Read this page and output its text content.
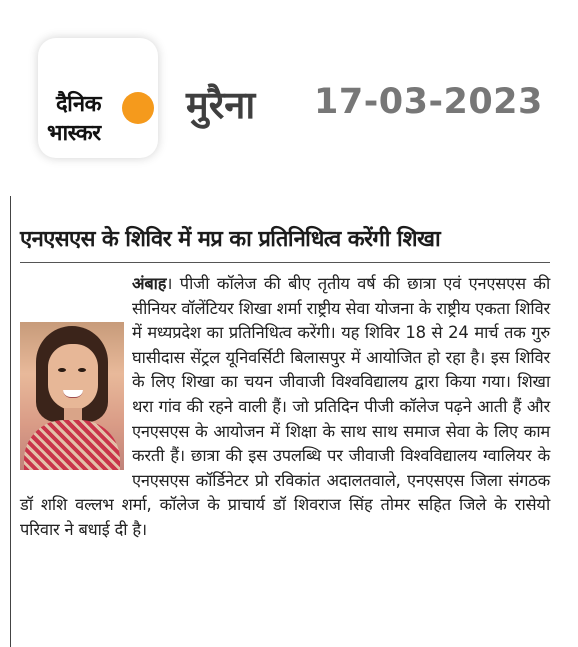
दैनिक
भास्कर
मुरैना 17-03-2023
एनएसएस के शिविर में मप्र का प्रतिनिधित्व करेंगी शिखा
अंबाह। पीजी कॉलेज की बीए तृतीय वर्ष की छात्रा एवं एनएसएस की सीनियर वॉलेंटियर शिखा शर्मा राष्ट्रीय सेवा योजना के राष्ट्रीय एकता शिविर में मध्यप्रदेश का प्रतिनिधित्व करेंगी। यह शिविर 18 से 24 मार्च तक गुरु घासीदास सेंट्रल यूनिवर्सिटी बिलासपुर में आयोजित हो रहा है। इस शिविर के लिए शिखा का चयन जीवाजी विश्वविद्यालय द्वारा किया गया। शिखा थरा गांव की रहने वाली हैं। जो प्रतिदिन पीजी कॉलेज पढ़ने आती हैं और एनएसएस के आयोजन में शिक्षा के साथ साथ समाज सेवा के लिए काम करती हैं। छात्रा की इस उपलब्धि पर जीवाजी विश्वविद्यालय ग्वालियर के एनएसएस कॉर्डिनेटर प्रो रविकांत अदालतवाले, एनएसएस जिला संगठक डॉ शशि वल्लभ शर्मा, कॉलेज के प्राचार्य डॉ शिवराज सिंह तोमर सहित जिले के रासेयो परिवार ने बधाई दी है।
